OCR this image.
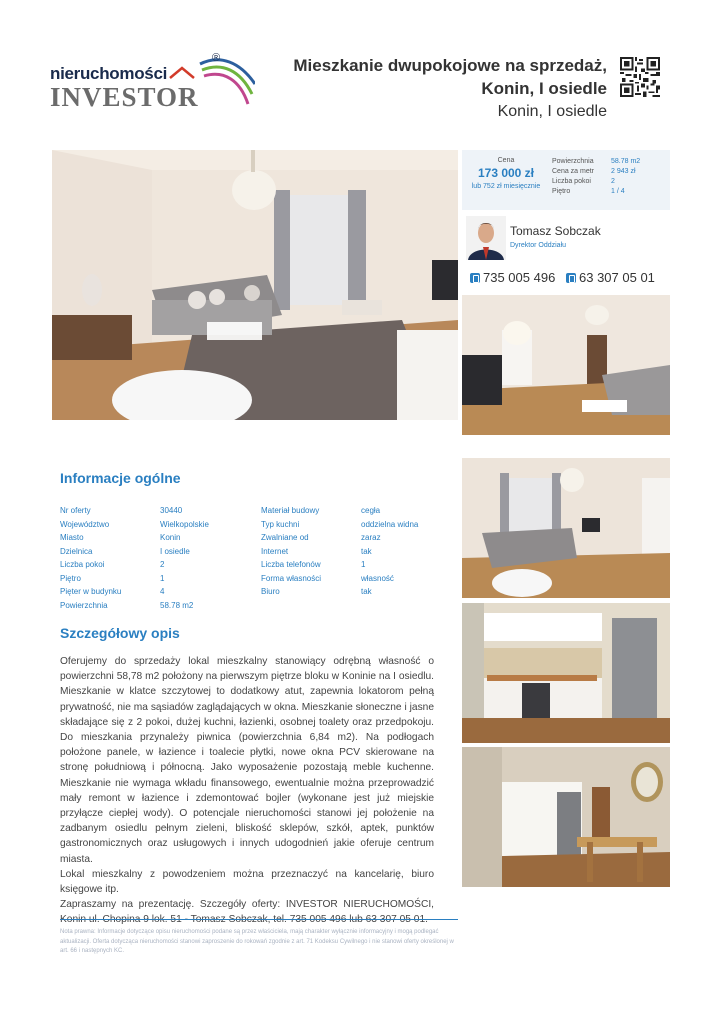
nieruchomości
®
INVESTOR
Mieszkanie dwupokojowe na sprzedaż, Konin, I osiedle
Konin, I osiedle
Cena
173 000 zł
lub 752 zł miesięcznie
Powierzchnia	58.78 m2
Cena za metr	2 943 zł
Liczba pokoi	2
Piętro	1 / 4
Tomasz Sobczak
Dyrektor Oddziału
735 005 496 63 307 05 01
Informacje ogólne
Nr oferty	30440
Województwo	Wielkopolskie
Miasto	Konin
Dzielnica	I osiedle
Liczba pokoi	2
Piętro	1
Pięter w budynku	4
Powierzchnia	58.78 m2
Materiał budowy	cegła
Typ kuchni	oddzielna widna
Zwalniane od	zaraz
Internet	tak
Liczba telefonów	1
Forma własności	własność
Biuro	tak
Szczegółowy opis
Oferujemy do sprzedaży lokal mieszkalny stanowiący odrębną własność o powierzchni 58,78 m2 położony na pierwszym piętrze bloku w Koninie na I osiedlu. Mieszkanie w klatce szczytowej to dodatkowy atut, zapewnia lokatorom pełną prywatność, nie ma sąsiadów zaglądających w okna. Mieszkanie słoneczne i jasne składające się z 2 pokoi, dużej kuchni, łazienki, osobnej toalety oraz przedpokoju. Do mieszkania przynależy piwnica (powierzchnia 6,84 m2). Na podłogach położone panele, w łazience i toalecie płytki, nowe okna PCV skierowane na stronę południową i północną. Jako wyposażenie pozostają meble kuchenne. Mieszkanie nie wymaga wkładu finansowego, ewentualnie można przeprowadzić mały remont w łazience i zdemontować bojler (wykonane jest już miejskie przyłącze ciepłej wody). O potencjale nieruchomości stanowi jej położenie na zadbanym osiedlu pełnym zieleni, bliskość sklepów, szkół, aptek, punktów gastronomicznych oraz usługowych i innych udogodnień jakie oferuje centrum miasta.
Lokal mieszkalny z powodzeniem można przeznaczyć na kancelarię, biuro księgowe itp.
Zapraszamy na prezentację. Szczegóły oferty: INVESTOR NIERUCHOMOŚCI,
Nota prawna: Informacje dotyczące opisu nieruchomości podane są przez właściciela, mają charakter wyłącznie informacyjny i mogą podlegać aktualizacji. Oferta dotycząca nieruchomości stanowi zaproszenie do rokowań zgodnie z art. 71 Kodeksu Cywilnego i nie stanowi oferty określonej w art. 66 i następnych KC.
